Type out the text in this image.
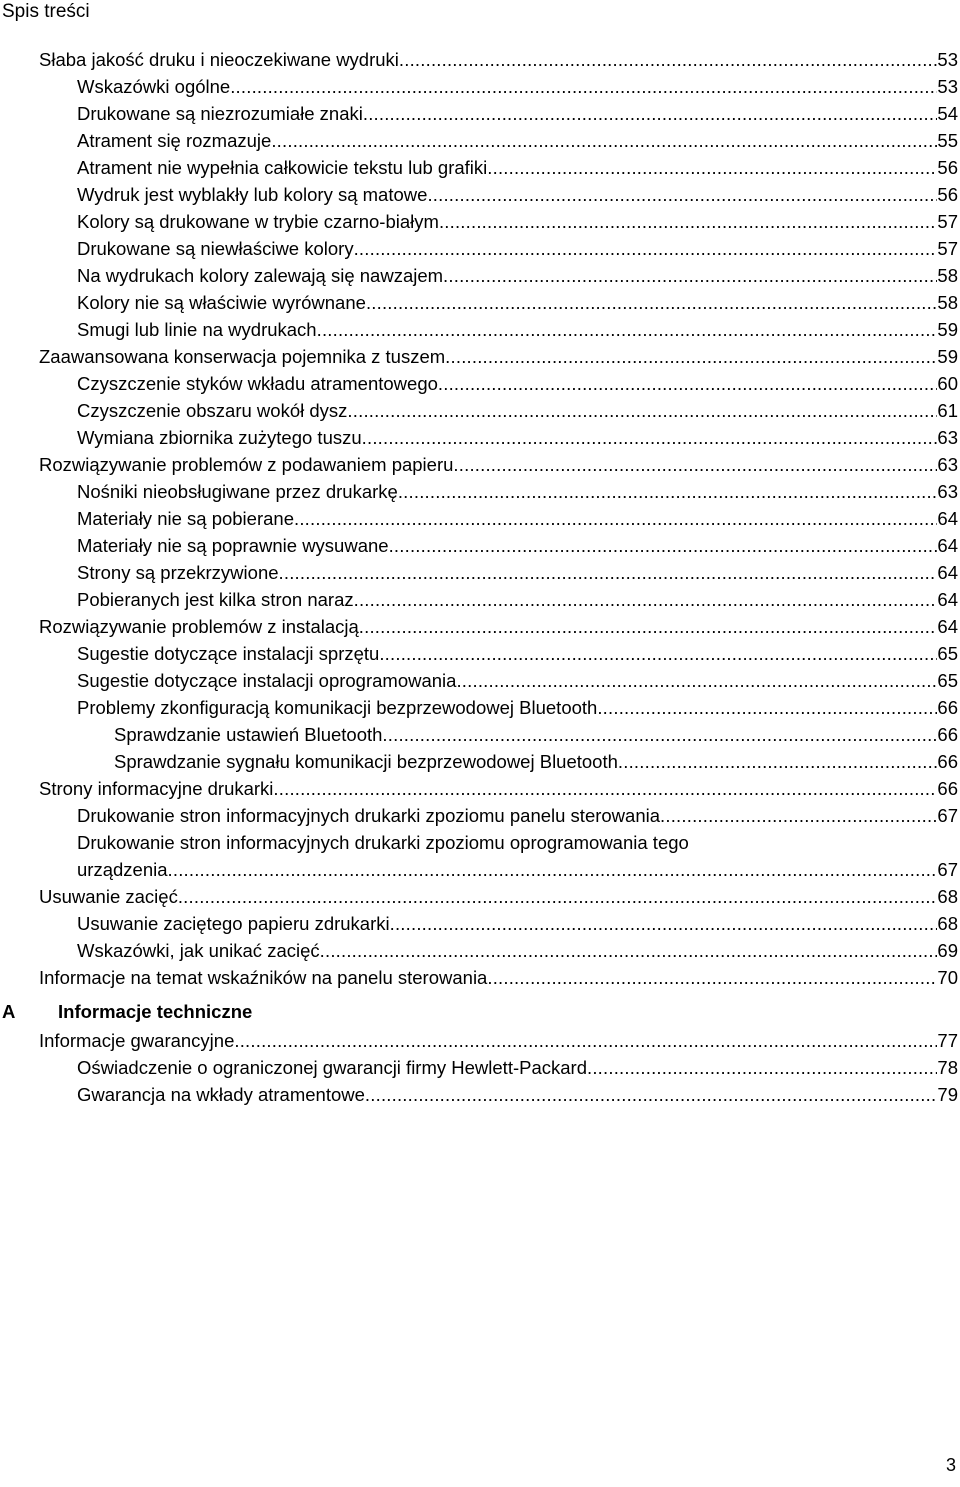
Spis treści
Słaba jakość druku i nieoczekiwane wydruki .....	53
Wskazówki ogólne .....	53
Drukowane są niezrozumiałe znaki .....	54
Atrament się rozmazuje .....	55
Atrament nie wypełnia całkowicie tekstu lub grafiki .....	56
Wydruk jest wyblakły lub kolory są matowe .....	56
Kolory są drukowane w trybie czarno-białym .....	57
Drukowane są niewłaściwe kolory .....	57
Na wydrukach kolory zalewają się nawzajem .....	58
Kolory nie są właściwie wyrównane .....	58
Smugi lub linie na wydrukach .....	59
Zaawansowana konserwacja pojemnika z tuszem .....	59
Czyszczenie styków wkładu atramentowego .....	60
Czyszczenie obszaru wokół dysz .....	61
Wymiana zbiornika zużytego tuszu .....	63
Rozwiązywanie problemów z podawaniem papieru .....	63
Nośniki nieobsługiwane przez drukarkę .....	63
Materiały nie są pobierane .....	64
Materiały nie są poprawnie wysuwane .....	64
Strony są przekrzywione .....	64
Pobieranych jest kilka stron naraz .....	64
Rozwiązywanie problemów z instalacją .....	64
Sugestie dotyczące instalacji sprzętu .....	65
Sugestie dotyczące instalacji oprogramowania .....	65
Problemy zkonfiguracją komunikacji bezprzewodowej Bluetooth .....	66
Sprawdzanie ustawień Bluetooth .....	66
Sprawdzanie sygnału komunikacji bezprzewodowej Bluetooth .....	66
Strony informacyjne drukarki .....	66
Drukowanie stron informacyjnych drukarki zpoziomu panelu sterowania .....	67
Drukowanie stron informacyjnych drukarki zpoziomu oprogramowania tego
urządzenia .....	67
Usuwanie zacięć .....	68
Usuwanie zaciętego papieru zdrukarki .....	68
Wskazówki, jak unikać zacięć .....	69
Informacje na temat wskaźników na panelu sterowania .....	70
A Informacje techniczne
Informacje gwarancyjne .....	77
Oświadczenie o ograniczonej gwarancji firmy Hewlett-Packard .....	78
Gwarancja na wkłady atramentowe .....	79
3
